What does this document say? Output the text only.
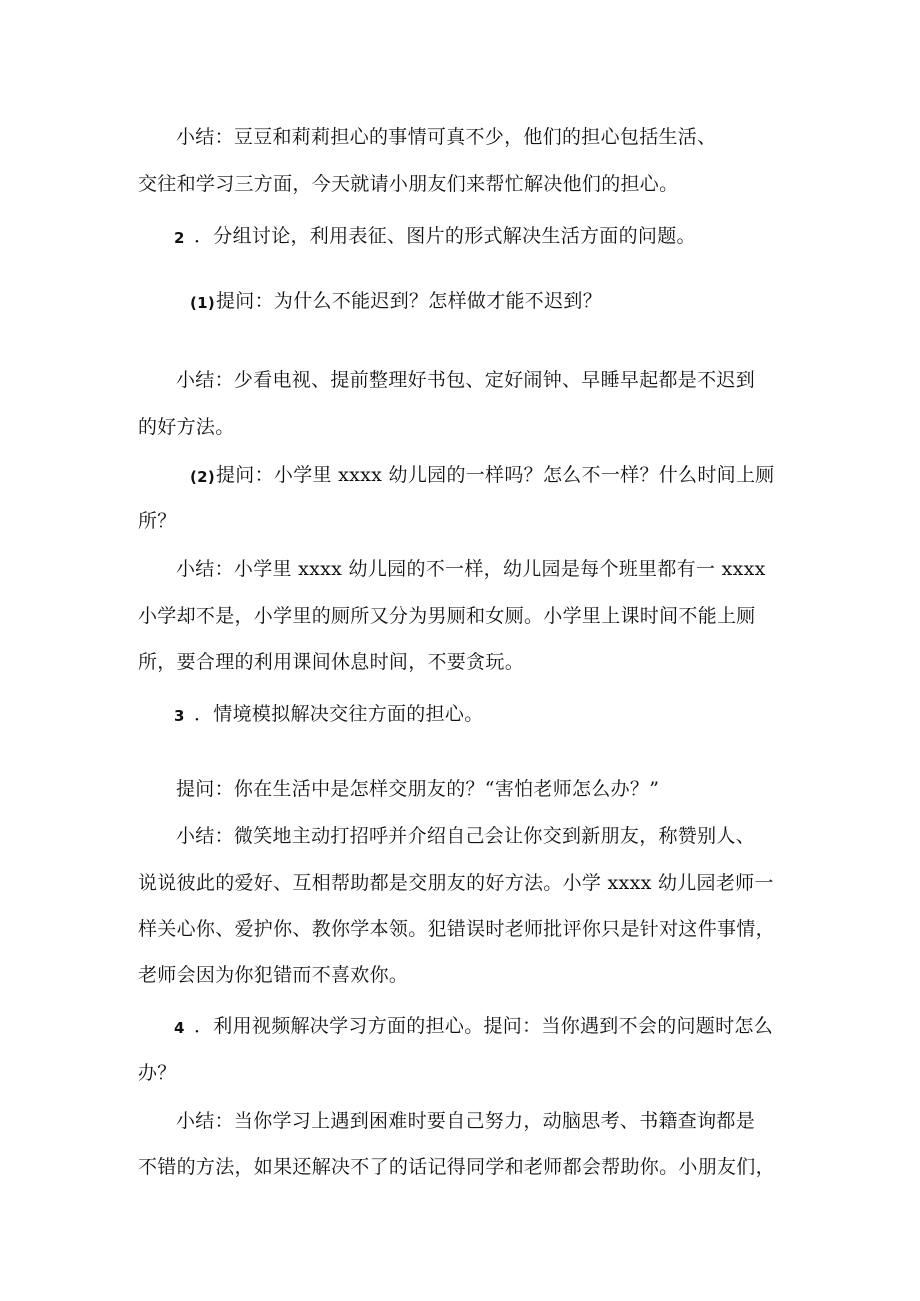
小结：豆豆和莉莉担心的事情可真不少，他们的担心包括生活、

交往和学习三方面，今天就请小朋友们来帮忙解决他们的担心。

2 ．分组讨论，利用表征、图片的形式解决生活方面的问题。

(1) 提问：为什么不能迟到？怎样做才能不迟到？

小结：少看电视、提前整理好书包、定好闹钟、早睡早起都是不迟到

的好方法。

(2) 提问：小学里 xxxx 幼儿园的一样吗？怎么不一样？什么时间上厕

所？

小结：小学里 xxxx 幼儿园的不一样，幼儿园是每个班里都有一 xxxx

小学却不是，小学里的厕所又分为男厕和女厕。小学里上课时间不能上厕

所，要合理的利用课间休息时间，不要贪玩。

3 ．情境模拟解决交往方面的担心。

提问：你在生活中是怎样交朋友的？“害怕老师怎么办？”

小结：微笑地主动打招呼并介绍自己会让你交到新朋友，称赞别人、

说说彼此的爱好、互相帮助都是交朋友的好方法。小学 xxxx 幼儿园老师一

样关心你、爱护你、教你学本领。犯错误时老师批评你只是针对这件事情，

老师会因为你犯错而不喜欢你。

4 ．利用视频解决学习方面的担心。提问：当你遇到不会的问题时怎么

办？

小结：当你学习上遇到困难时要自己努力，动脑思考、书籍查询都是

不错的方法，如果还解决不了的话记得同学和老师都会帮助你。小朋友们，
